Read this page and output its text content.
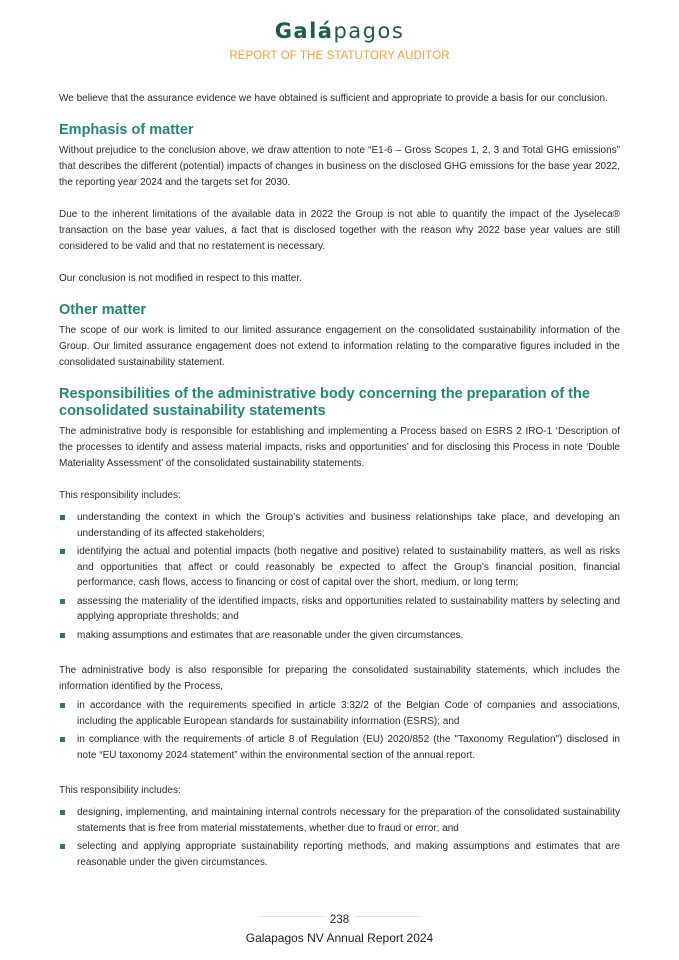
Galápagos
REPORT OF THE STATUTORY AUDITOR

We believe that the assurance evidence we have obtained is sufficient and appropriate to provide a basis for our conclusion.

Emphasis of matter

Without prejudice to the conclusion above, we draw attention to note “E1-6 – Gross Scopes 1, 2, 3 and Total GHG emissions” that describes the different (potential) impacts of changes in business on the disclosed GHG emissions for the base year 2022, the reporting year 2024 and the targets set for 2030.

Due to the inherent limitations of the available data in 2022 the Group is not able to quantify the impact of the Jyseleca® transaction on the base year values, a fact that is disclosed together with the reason why 2022 base year values are still considered to be valid and that no restatement is necessary.

Our conclusion is not modified in respect to this matter.

Other matter

The scope of our work is limited to our limited assurance engagement on the consolidated sustainability information of the Group. Our limited assurance engagement does not extend to information relating to the comparative figures included in the consolidated sustainability statement.

Responsibilities of the administrative body concerning the preparation of the consolidated sustainability statements

The administrative body is responsible for establishing and implementing a Process based on ESRS 2 IRO-1 ‘Description of the processes to identify and assess material impacts, risks and opportunities’ and for disclosing this Process in note ‘Double Materiality Assessment’ of the consolidated sustainability statements.

This responsibility includes:

understanding the context in which the Group’s activities and business relationships take place, and developing an understanding of its affected stakeholders;
identifying the actual and potential impacts (both negative and positive) related to sustainability matters, as well as risks and opportunities that affect or could reasonably be expected to affect the Group’s financial position, financial performance, cash flows, access to financing or cost of capital over the short, medium, or long term;
assessing the materiality of the identified impacts, risks and opportunities related to sustainability matters by selecting and applying appropriate thresholds; and
making assumptions and estimates that are reasonable under the given circumstances.

The administrative body is also responsible for preparing the consolidated sustainability statements, which includes the information identified by the Process,

in accordance with the requirements specified in article 3:32/2 of the Belgian Code of companies and associations, including the applicable European standards for sustainability information (ESRS); and
in compliance with the requirements of article 8 of Regulation (EU) 2020/852 (the "Taxonomy Regulation") disclosed in note “EU taxonomy 2024 statement” within the environmental section of the annual report.

This responsibility includes:

designing, implementing, and maintaining internal controls necessary for the preparation of the consolidated sustainability statements that is free from material misstatements, whether due to fraud or error; and
selecting and applying appropriate sustainability reporting methods, and making assumptions and estimates that are reasonable under the given circumstances.
238
Galapagos NV Annual Report 2024
